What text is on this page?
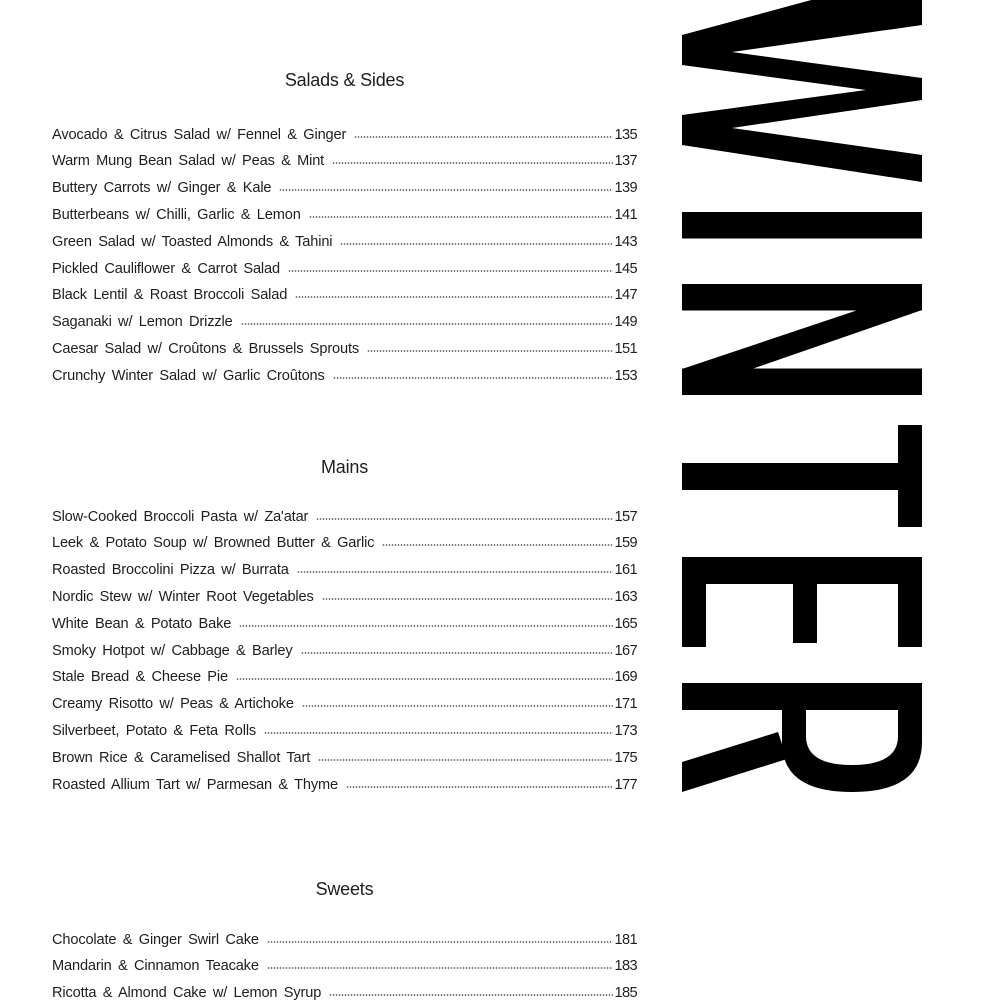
Salads & Sides
Avocado & Citrus Salad w/ Fennel & Ginger	135
Warm Mung Bean Salad w/ Peas & Mint	137
Buttery Carrots w/ Ginger & Kale	139
Butterbeans w/ Chilli, Garlic & Lemon	141
Green Salad w/ Toasted Almonds & Tahini	143
Pickled Cauliflower & Carrot Salad	145
Black Lentil & Roast Broccoli Salad	147
Saganaki w/ Lemon Drizzle	149
Caesar Salad w/ Croûtons & Brussels Sprouts	151
Crunchy Winter Salad w/ Garlic Croûtons	153
Mains
Slow-Cooked Broccoli Pasta w/ Za'atar	157
Leek & Potato Soup w/ Browned Butter & Garlic	159
Roasted Broccolini Pizza w/ Burrata	161
Nordic Stew w/ Winter Root Vegetables	163
White Bean & Potato Bake	165
Smoky Hotpot w/ Cabbage & Barley	167
Stale Bread & Cheese Pie	169
Creamy Risotto w/ Peas & Artichoke	171
Silverbeet, Potato & Feta Rolls	173
Brown Rice & Caramelised Shallot Tart	175
Roasted Allium Tart w/ Parmesan & Thyme	177
Sweets
Chocolate & Ginger Swirl Cake	181
Mandarin & Cinnamon Teacake	183
Ricotta & Almond Cake w/ Lemon Syrup	185
